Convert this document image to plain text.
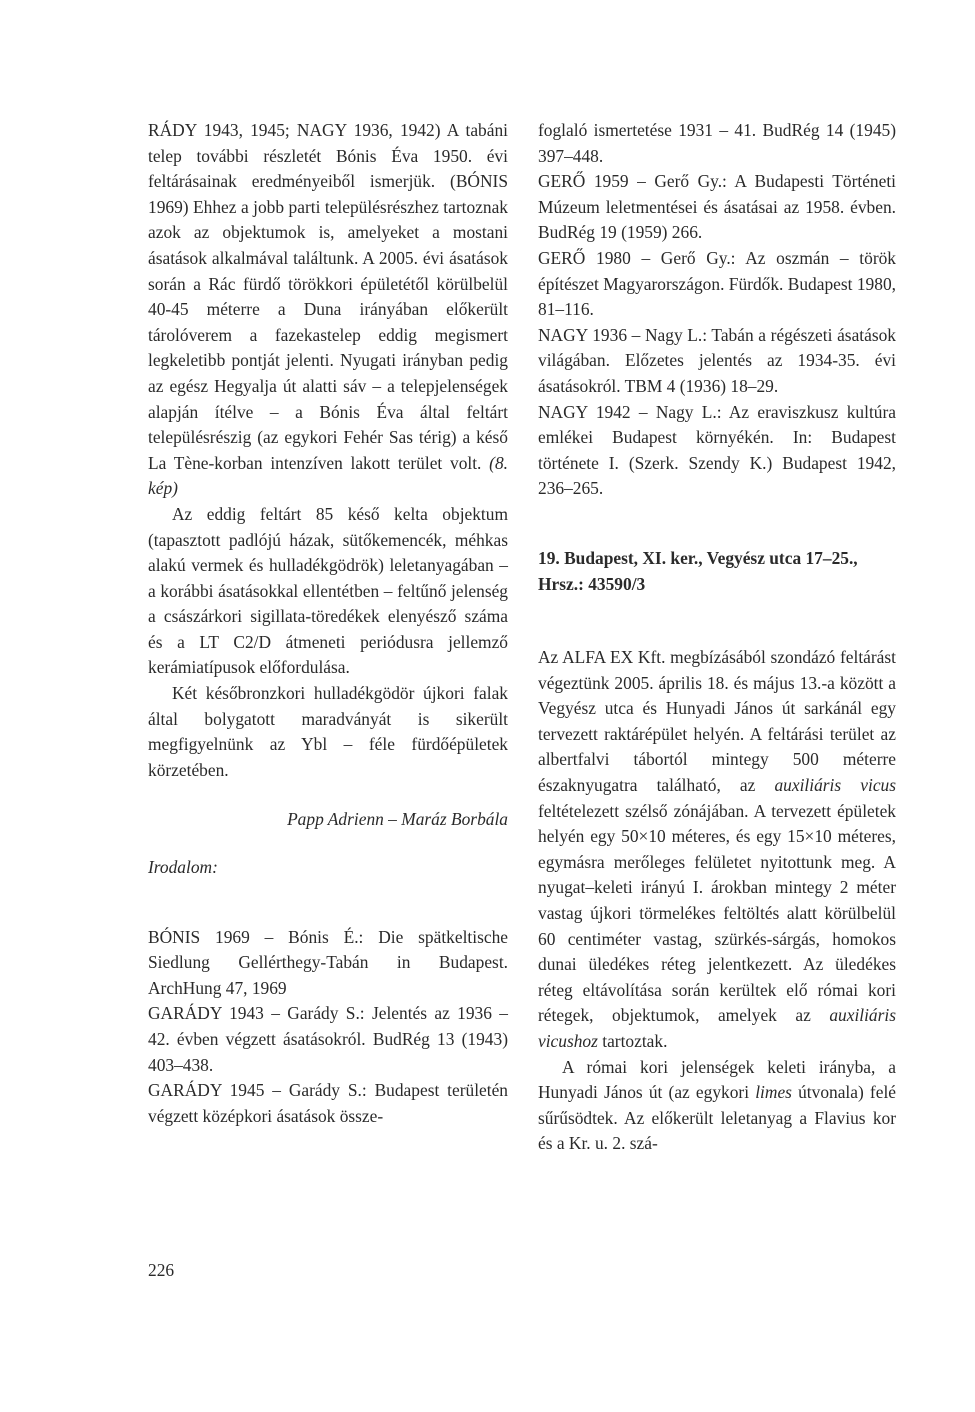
RÁDY 1943, 1945; NAGY 1936, 1942) A tabáni telep további részletét Bónis Éva 1950. évi feltárásainak eredményeiből ismerjük. (BÓNIS 1969) Ehhez a jobb parti településrészhez tartoznak azok az objektumok is, amelyeket a mostani ásatások alkalmával találtunk. A 2005. évi ásatások során a Rác fürdő törökkori épületétől körülbelül 40-45 méterre a Duna irányában előkerült tárolóverem a fazekastelep eddig megismert legkeletibb pontját jelenti. Nyugati irányban pedig az egész Hegyalja út alatti sáv – a telepjelenségek alapján ítélve – a Bónis Éva által feltárt településrészig (az egykori Fehér Sas térig) a késő La Tène-korban intenzíven lakott terület volt. (8. kép)

Az eddig feltárt 85 késő kelta objektum (tapasztott padlójú házak, sütőkemencék, méhkas alakú vermek és hulladékgödrök) leletanyagában – a korábbi ásatásokkal ellentétben – feltűnő jelenség a császárkori sigillata-töredékek elenyésző száma és a LT C2/D átmeneti periódusra jellemző kerámiatípusok előfordulása.

Két későbronzkori hulladékgödör újkori falak által bolygatott maradványát is sikerült megfigyelnünk az Ybl – féle fürdőépületek körzetében.

Papp Adrienn – Maráz Borbála

Irodalom:

BÓNIS 1969 – Bónis É.: Die spätkeltische Siedlung Gellérthegy-Tabán in Budapest. ArchHung 47, 1969

GARÁDY 1943 – Garády S.: Jelentés az 1936 – 42. évben végzett ásatásokról. BudRég 13 (1943) 403–438.

GARÁDY 1945 – Garády S.: Budapest területén végzett középkori ásatások össze-

foglaló ismertetése 1931 – 41. BudRég 14 (1945) 397–448.

GERŐ 1959 – Gerő Gy.: A Budapesti Történeti Múzeum leletmentései és ásatásai az 1958. évben. BudRég 19 (1959) 266.

GERŐ 1980 – Gerő Gy.: Az oszmán – török építészet Magyarországon. Fürdők. Budapest 1980, 81–116.

NAGY 1936 – Nagy L.: Tabán a régészeti ásatások világában. Előzetes jelentés az 1934-35. évi ásatásokról. TBM 4 (1936) 18–29.

NAGY 1942 – Nagy L.: Az eraviszkusz kultúra emlékei Budapest környékén. In: Budapest története I. (Szerk. Szendy K.) Budapest 1942, 236–265.

19. Budapest, XI. ker., Vegyész utca 17–25., Hrsz.: 43590/3

Az ALFA EX Kft. megbízásából szondázó feltárást végeztünk 2005. április 18. és május 13.-a között a Vegyész utca és Hunyadi János út sarkánál egy tervezett raktárépület helyén. A feltárási terület az albertfalvi tábortól mintegy 500 méterre északnyugatra található, az auxiliáris vicus feltételezett szélső zónájában. A tervezett épületek helyén egy 50×10 méteres, és egy 15×10 méteres, egymásra merőleges felületet nyitottunk meg. A nyugat–keleti irányú I. árokban mintegy 2 méter vastag újkori törmelékes feltöltés alatt körülbelül 60 centiméter vastag, szürkés-sárgás, homokos dunai üledékes réteg jelentkezett. Az üledékes réteg eltávolítása során kerültek elő római kori rétegek, objektumok, amelyek az auxiliáris vicushoz tartoztak.

A római kori jelenségek keleti irányba, a Hunyadi János út (az egykori limes útvonala) felé sűrűsödtek. Az előkerült leletanyag a Flavius kor és a Kr. u. 2. szá-

226
